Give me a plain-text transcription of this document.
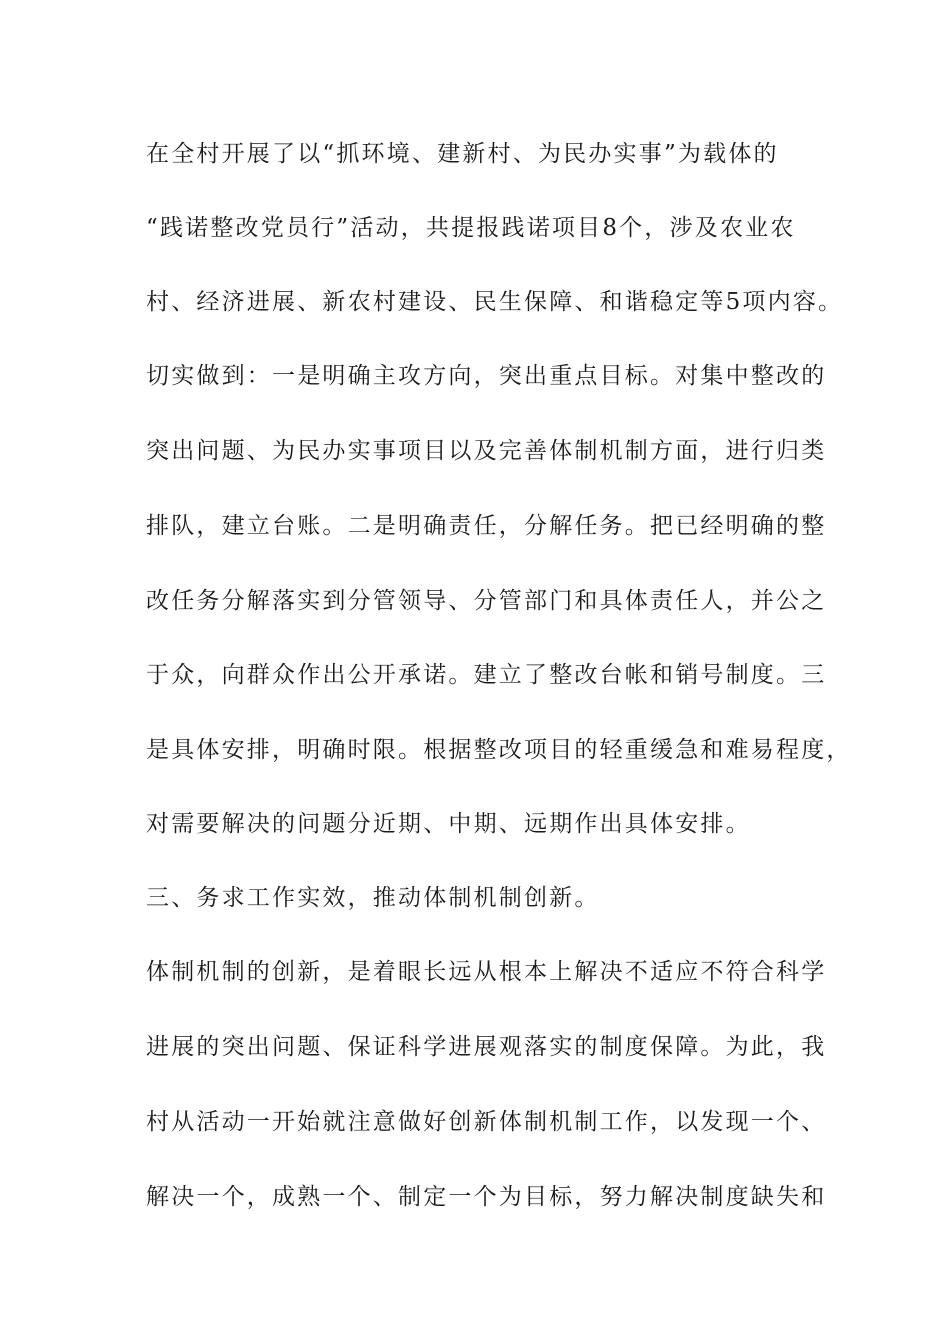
在全村开展了以“抓环境、建新村、为民办实事”为载体的
“践诺整改党员行”活动，共提报践诺项目8个，涉及农业农
村、经济进展、新农村建设、民生保障、和谐稳定等5项内容。
切实做到：一是明确主攻方向，突出重点目标。对集中整改的
突出问题、为民办实事项目以及完善体制机制方面，进行归类
排队，建立台账。二是明确责任，分解任务。把已经明确的整
改任务分解落实到分管领导、分管部门和具体责任人，并公之
于众，向群众作出公开承诺。建立了整改台帐和销号制度。三
是具体安排，明确时限。根据整改项目的轻重缓急和难易程度，
对需要解决的问题分近期、中期、远期作出具体安排。
三、务求工作实效，推动体制机制创新。
体制机制的创新，是着眼长远从根本上解决不适应不符合科学
进展的突出问题、保证科学进展观落实的制度保障。为此，我
村从活动一开始就注意做好创新体制机制工作，以发现一个、
解决一个，成熟一个、制定一个为目标，努力解决制度缺失和
